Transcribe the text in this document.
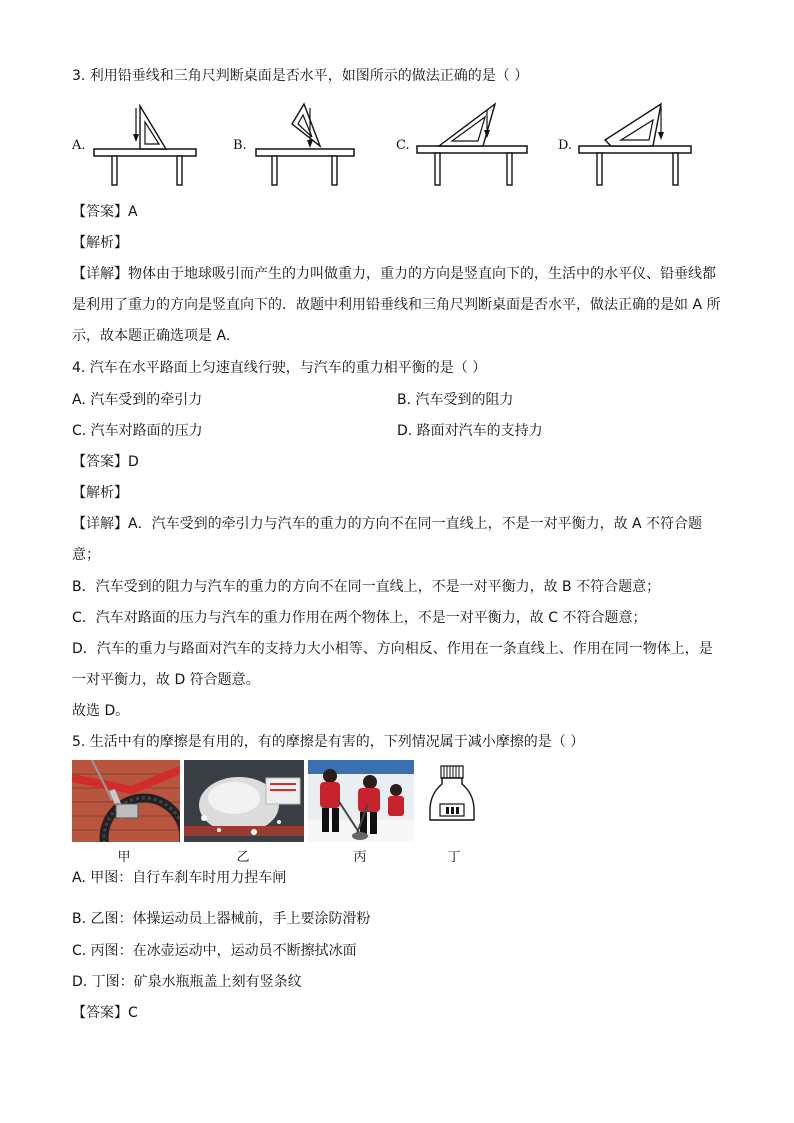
3. 利用铅垂线和三角尺判断桌面是否水平，如图所示的做法正确的是（ ）
A.	B.	C.	D.
【答案】A
【解析】
【详解】物体由于地球吸引而产生的力叫做重力，重力的方向是竖直向下的，生活中的水平仪、铅垂线都
是利用了重力的方向是竖直向下的．故题中利用铅垂线和三角尺判断桌面是否水平，做法正确的是如 A 所
示，故本题正确选项是 A．
4. 汽车在水平路面上匀速直线行驶，与汽车的重力相平衡的是（ ）
A. 汽车受到的牵引力	B. 汽车受到的阻力
C. 汽车对路面的压力	D. 路面对汽车的支持力
【答案】D
【解析】
【详解】A．汽车受到的牵引力与汽车的重力的方向不在同一直线上，不是一对平衡力，故 A 不符合题
意；
B．汽车受到的阻力与汽车的重力的方向不在同一直线上，不是一对平衡力，故 B 不符合题意；
C．汽车对路面的压力与汽车的重力作用在两个物体上，不是一对平衡力，故 C 不符合题意；
D．汽车的重力与路面对汽车的支持力大小相等、方向相反、作用在一条直线上、作用在同一物体上，是
一对平衡力，故 D 符合题意。
故选 D。
5. 生活中有的摩擦是有用的，有的摩擦是有害的，下列情况属于减小摩擦的是（ ）
甲	乙	丙	丁
A. 甲图：自行车刹车时用力捏车闸
B. 乙图：体操运动员上器械前，手上要涂防滑粉
C. 丙图：在冰壶运动中，运动员不断擦拭冰面
D. 丁图：矿泉水瓶瓶盖上刻有竖条纹
【答案】C
